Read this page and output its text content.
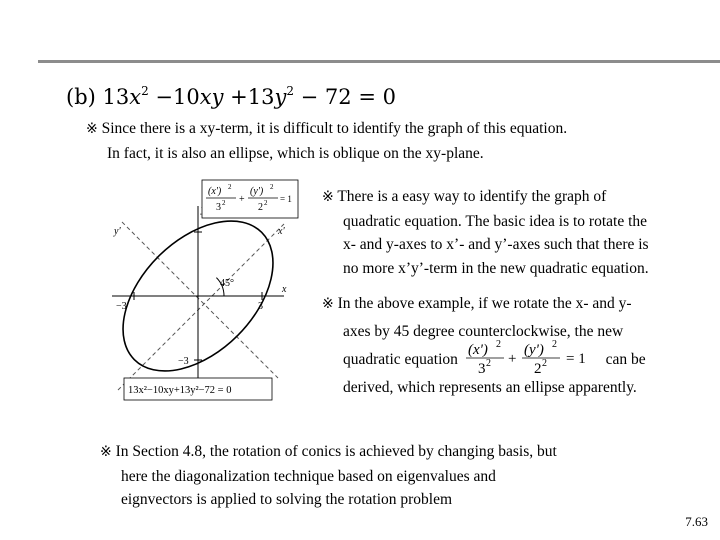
(b) $13x^2 -10xy +13y^2 - 72 = 0$
※ Since there is a xy-term, it is difficult to identify the graph of this equation.
In fact, it is also an ellipse, which is oblique on the xy-plane.
45°
x
x'
y'
−3	3
−3
(x') 2
3 2 +
(y') 2
2 2 = 1
13x²−10xy+13y²−72 = 0
※ There is a easy way to identify the graph of
quadratic equation. The basic idea is to rotate the
x- and y-axes to x’- and y’-axes such that there is
no more x’y’-term in the new quadratic equation.
※ In the above example, if we rotate the x- and y-
axes by 45 degree counterclockwise, the new
quadratic equation
(x') 2
3 2 +
(y') 2
2 2 = 1 can be
derived, which represents an ellipse apparently.
※ In Section 4.8, the rotation of conics is achieved by changing basis, but
here the diagonalization technique based on eigenvalues and
eignvectors is applied to solving the rotation problem
7.63
